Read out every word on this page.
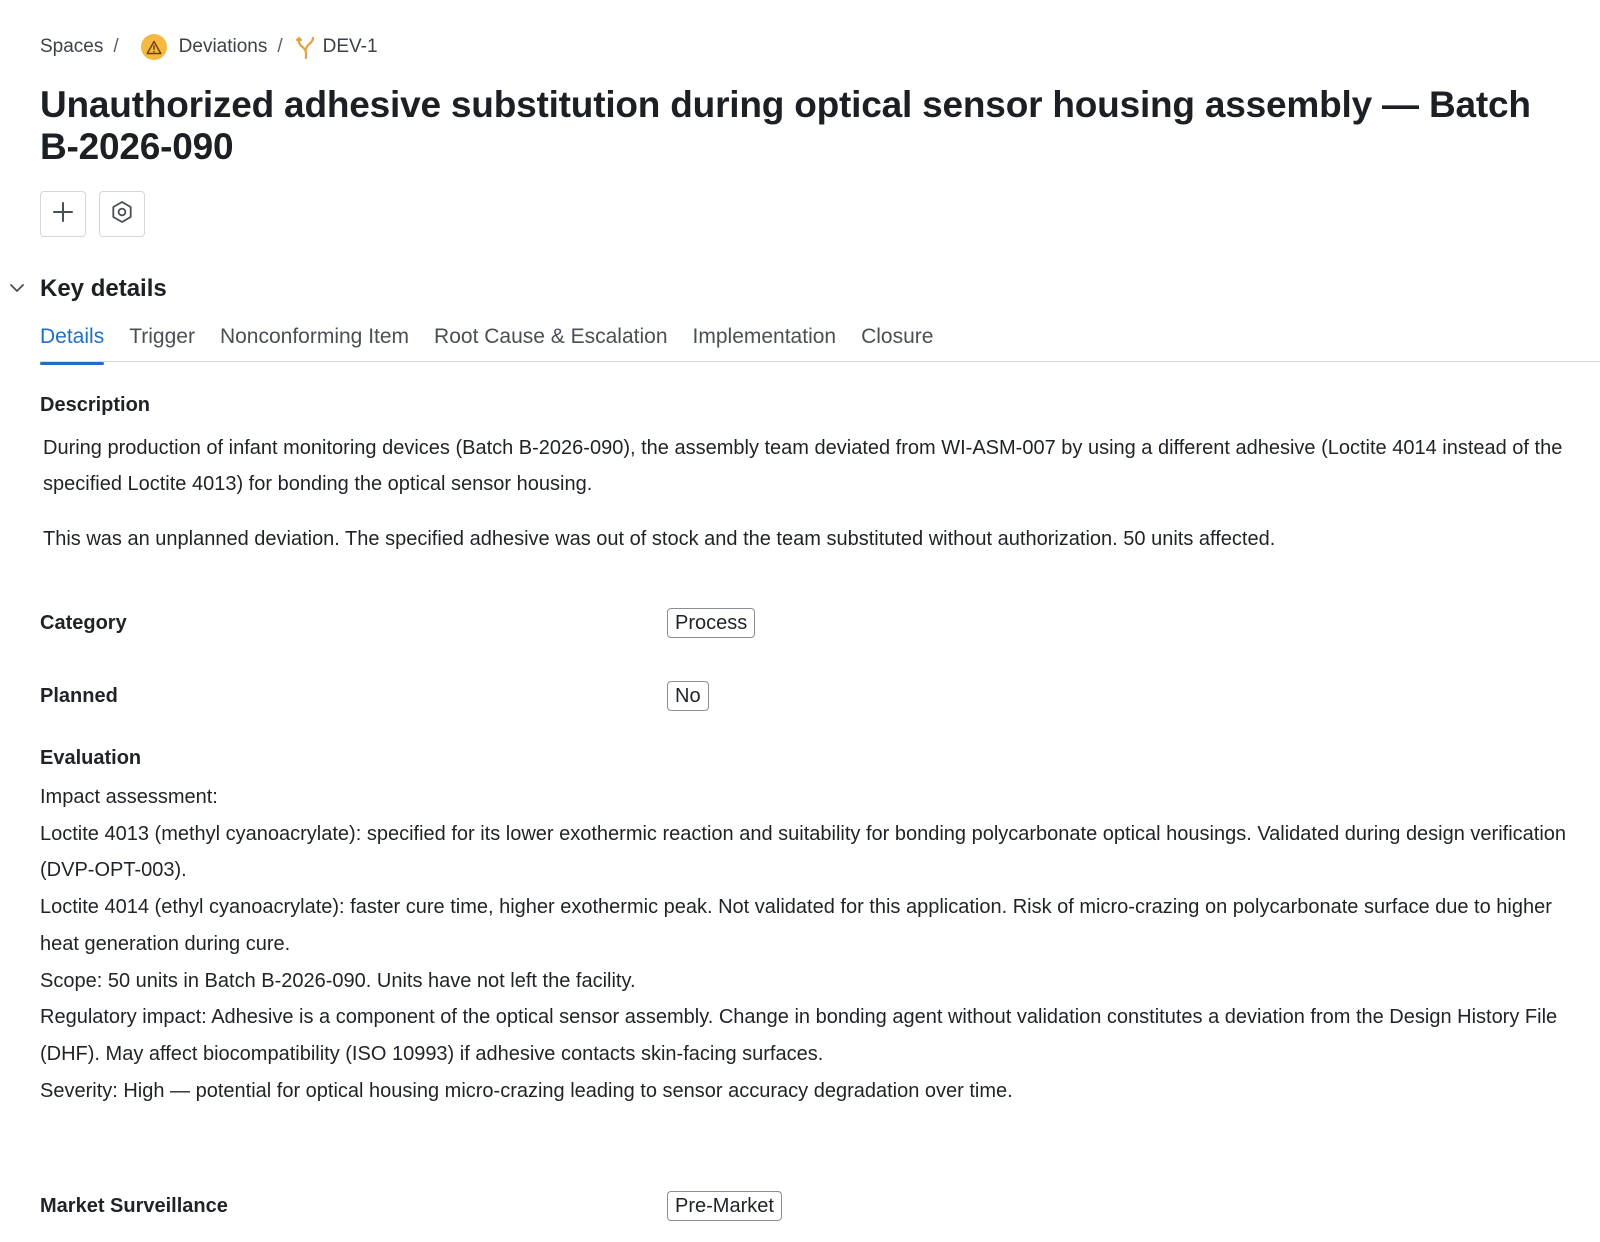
Spaces /	Deviations / DEV-1
Unauthorized adhesive substitution during optical sensor housing assembly — Batch B-2026-090
Key details
Details Trigger Nonconforming Item Root Cause & Escalation Implementation Closure
Description

During production of infant monitoring devices (Batch B-2026-090), the assembly team deviated from WI-ASM-007 by using a different adhesive (Loctite 4014 instead of the specified Loctite 4013) for bonding the optical sensor housing.

This was an unplanned deviation. The specified adhesive was out of stock and the team substituted without authorization. 50 units affected.

Category	Process
Planned	No
Evaluation
Impact assessment:
Loctite 4013 (methyl cyanoacrylate): specified for its lower exothermic reaction and suitability for bonding polycarbonate optical housings. Validated during design verification (DVP-OPT-003).
Loctite 4014 (ethyl cyanoacrylate): faster cure time, higher exothermic peak. Not validated for this application. Risk of micro-crazing on polycarbonate surface due to higher heat generation during cure.
Scope: 50 units in Batch B-2026-090. Units have not left the facility.
Regulatory impact: Adhesive is a component of the optical sensor assembly. Change in bonding agent without validation constitutes a deviation from the Design History File (DHF). May affect biocompatibility (ISO 10993) if adhesive contacts skin-facing surfaces.
Severity: High — potential for optical housing micro-crazing leading to sensor accuracy degradation over time.
Market Surveillance	Pre-Market
